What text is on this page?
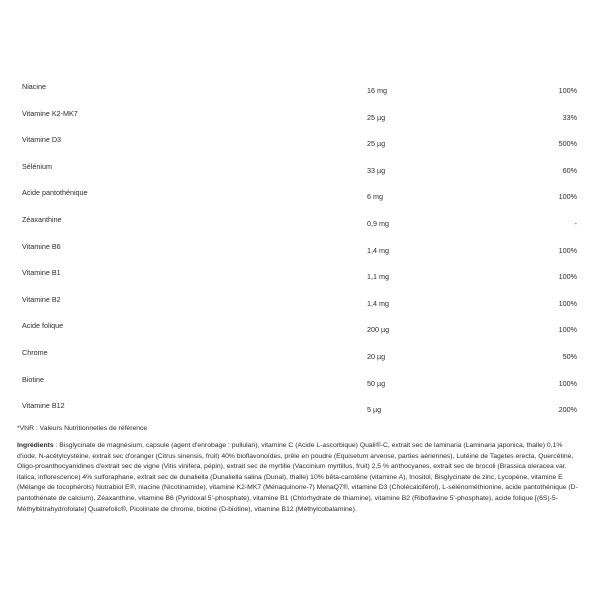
Niacine	16 mg	100%
Vitamine K2-MK7	25 µg	33%
Vitamine D3	25 µg	500%
Sélénium	33 µg	60%
Acide pantothénique	6 mg	100%
Zéaxanthine	0,9 mg	-
Vitamine B6	1,4 mg	100%
Vitamine B1	1,1 mg	100%
Vitamine B2	1,4 mg	100%
Acide folique	200 µg	100%
Chrome	20 µg	50%
Biotine	50 µg	100%
Vitamine B12	5 µg	200%
*VNR : Valeurs Nutritionnelles de référence
Ingrédients : Bisglycinate de magnésium, capsule (agent d'enrobage : pullulan), vitamine C (Acide L-ascorbique) Quali®-C, extrait sec de laminaria (Laminaria japonica, thalle) 0,1% d'iode, N-acétylcystéine, extrait sec d'oranger (Citrus sinensis, fruit) 40% bioflavonoïdes, prêle en poudre (Equisetum arvense, parties aériennes), Lutéine de Tagetes erecta, Quercétine, Oligo-proanthocyanidines d'extrait sec de vigne (Vitis vinifera, pépin), extrait sec de myrtille (Vaccinium myrtillus, fruit) 2,5 % anthocyanes, extrait sec de brocoli (Brassica oleracea var. italica, inflorescence) 4% sulforaphane, extrait sec de dunaliella (Dunaliella salina (Dunal), thalle) 10% bêta-carotène (vitamine A), Inositol, Bisglycinate de zinc, Lycopène, vitamine E (Mélange de tocophérols) Nutrabiol E®, niacine (Nicotinamide), vitamine K2-MK7 (Ménaquinone-7) MenaQ7®, vitamine D3 (Cholécalciférol), L-sélénométhionine, acide pantothénique (D-pantothénate de calcium), Zéaxanthine, vitamine B6 (Pyridoxal 5'-phosphate), vitamine B1 (Chlorhydrate de thiamine), vitamine B2 (Riboflavine 5'-phosphate), acide folique [(6S)-5-Méthyltétrahydrofolate] Quatrefolic®, Picolinate de chrome, biotine (D-biotine), vitamine B12 (Méthylcobalamine).
